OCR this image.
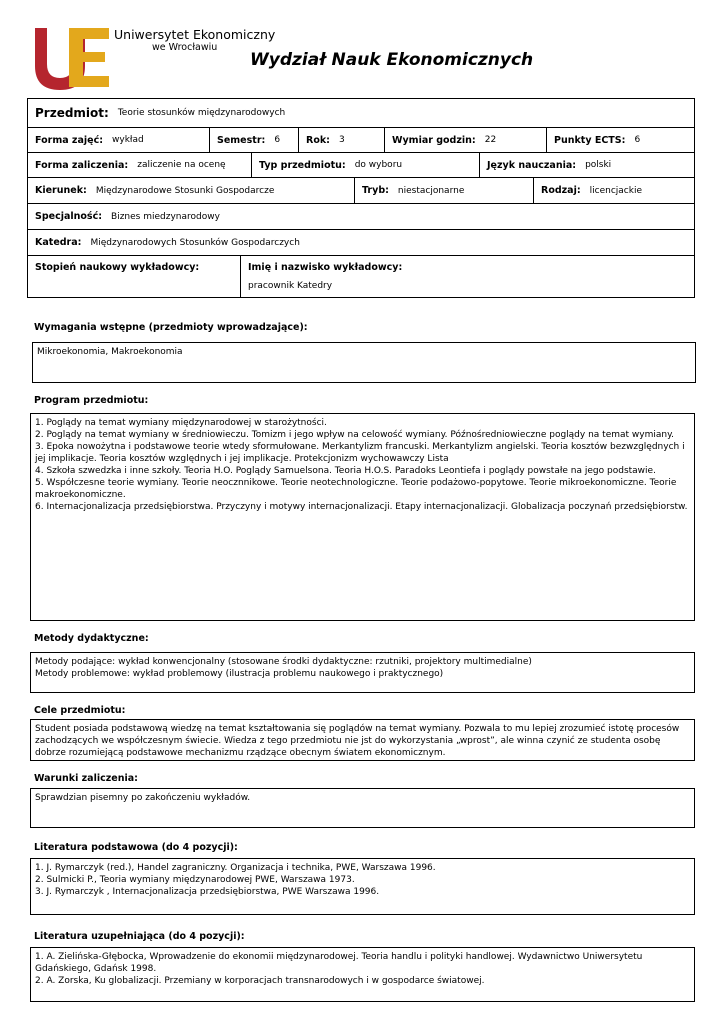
Uniwersytet Ekonomiczny
we Wrocławiu
Wydział Nauk Ekonomicznych
Przedmiot: Teorie stosunków międzynarodowych
Forma zajęć: wykład	Semestr: 6	Rok: 3	Wymiar godzin: 22	Punkty ECTS: 6
Forma zaliczenia: zaliczenie na ocenę	Typ przedmiotu: do wyboru	Język nauczania: polski
Kierunek: Międzynarodowe Stosunki Gospodarcze	Tryb: niestacjonarne	Rodzaj: licencjackie
Specjalność: Biznes miedzynarodowy
Katedra: Międzynarodowych Stosunków Gospodarczych
Stopień naukowy wykładowcy:	Imię i nazwisko wykładowcy:
pracownik Katedry
Wymagania wstępne (przedmioty wprowadzające):
Mikroekonomia, Makroekonomia
Program przedmiotu:
1. Poglądy na temat wymiany międzynarodowej w starożytności.
2. Poglądy na temat wymiany w średniowieczu. Tomizm i jego wpływ na celowość wymiany. Późnośredniowieczne poglądy na temat wymiany.
3. Epoka nowożytna i podstawowe teorie wtedy sformułowane. Merkantylizm francuski. Merkantylizm angielski. Teoria kosztów bezwzględnych i jej implikacje. Teoria kosztów względnych i jej implikacje. Protekcjonizm wychowawczy Lista
4. Szkoła szwedzka i inne szkoły. Teoria H.O. Poglądy Samuelsona. Teoria H.O.S. Paradoks Leontiefa i poglądy powstałe na jego podstawie.
5. Współczesne teorie wymiany. Teorie neocznnikowe. Teorie neotechnologiczne. Teorie podażowo-popytowe. Teorie mikroekonomiczne. Teorie makroekonomiczne.
6. Internacjonalizacja przedsiębiorstwa. Przyczyny i motywy internacjonalizacji. Etapy internacjonalizacji. Globalizacja poczynań przedsiębiorstw.
Metody dydaktyczne:
Metody podające: wykład konwencjonalny (stosowane środki dydaktyczne: rzutniki, projektory multimedialne)
Metody problemowe: wykład problemowy (ilustracja problemu naukowego i praktycznego)
Cele przedmiotu:
Student posiada podstawową wiedzę na temat kształtowania się poglądów na temat wymiany. Pozwala to mu lepiej zrozumieć istotę procesów zachodzących we współczesnym świecie. Wiedza z tego przedmiotu nie jst do wykorzystania „wprost”, ale winna czynić ze studenta osobę dobrze rozumiejącą podstawowe mechanizmu rządzące obecnym światem ekonomicznym.
Warunki zaliczenia:
Sprawdzian pisemny po zakończeniu wykładów.
Literatura podstawowa (do 4 pozycji):
1. J. Rymarczyk (red.), Handel zagraniczny. Organizacja i technika, PWE, Warszawa 1996.
2. Sulmicki P., Teoria wymiany międzynarodowej PWE, Warszawa 1973.
3. J. Rymarczyk , Internacjonalizacja przedsiębiorstwa, PWE Warszawa 1996.
Literatura uzupełniająca (do 4 pozycji):
1. A. Zielińska-Głębocka, Wprowadzenie do ekonomii międzynarodowej. Teoria handlu i polityki handlowej. Wydawnictwo Uniwersytetu Gdańskiego, Gdańsk 1998.
2. A. Zorska, Ku globalizacji. Przemiany w korporacjach transnarodowych i w gospodarce światowej.
